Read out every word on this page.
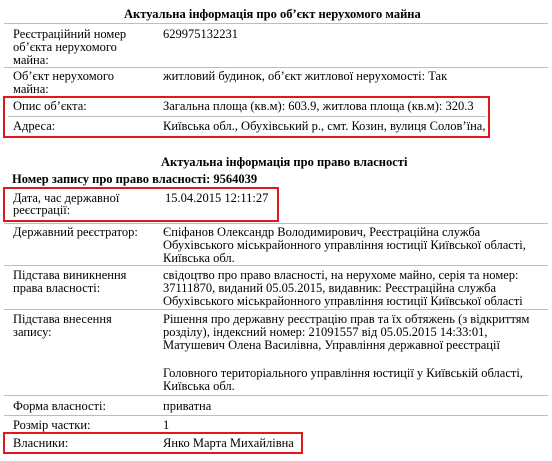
Актуальна інформація про об’єкт нерухомого майна
Реєстраційний номер
об’єкта нерухомого
майна:
629975132231
Об’єкт нерухомого
майна:
житловий будинок, об’єкт житлової нерухомості: Так
Опис об’єкта:	Загальна площа (кв.м): 603.9, житлова площа (кв.м): 320.3
Адреса:	Київська обл., Обухівський р., смт. Козин, вулиця Солов’їна,
Актуальна інформація про право власності
Номер запису про право власності: 9564039
Дата, час державної
реєстрації:
15.04.2015 12:11:27
Державний реєстратор: Єпіфанов Олександр Володимирович, Реєстраційна служба
Обухівського міськрайонного управління юстиції Київської області,
Київська обл.
Підстава виникнення
права власності:
свідоцтво про право власності, на нерухоме майно, серія та номер:
37111870, виданий 05.05.2015, видавник: Реєстраційна служба
Обухівського міськрайонного управління юстиції Київської області
Підстава внесення
запису:
Рішення про державну реєстрацію прав та їх обтяжень (з відкриттям
розділу), індексний номер: 21091557 від 05.05.2015 14:33:01,
Матушевич Олена Василівна, Управління державної реєстрації
Головного територіального управління юстиції у Київській області,
Київська обл.
Форма власності:	приватна
Розмір частки:	1
Власники:	Янко Марта Михайлівна
